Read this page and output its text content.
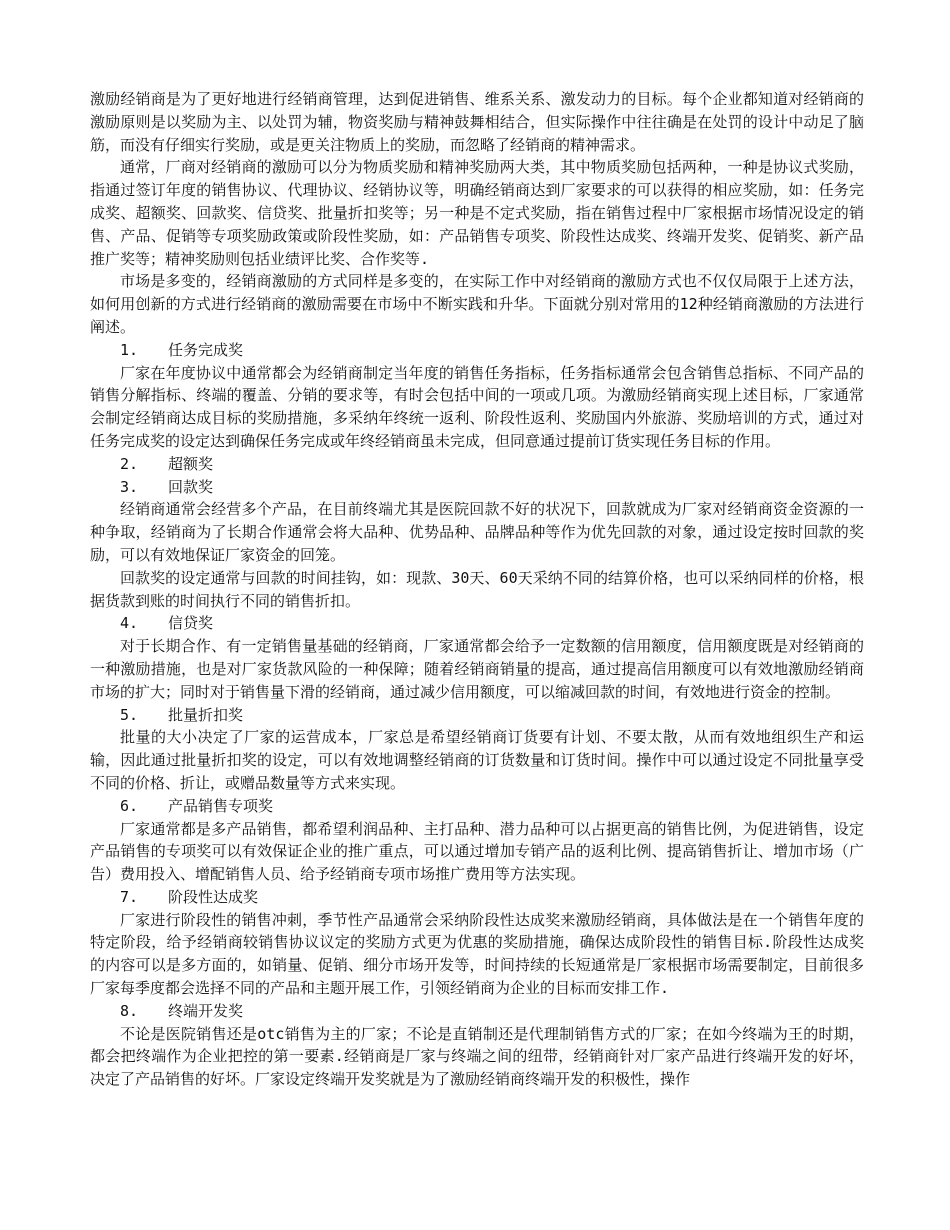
激励经销商是为了更好地进行经销商管理，达到促进销售、维系关系、激发动力的目标。每个企业都知道对经销商的激励原则是以奖励为主、以处罚为辅，物资奖励与精神鼓舞相结合，但实际操作中往往确是在处罚的设计中动足了脑筋，而没有仔细实行奖励，或是更关注物质上的奖励，而忽略了经销商的精神需求。

通常，厂商对经销商的激励可以分为物质奖励和精神奖励两大类，其中物质奖励包括两种，一种是协议式奖励，指通过签订年度的销售协议、代理协议、经销协议等，明确经销商达到厂家要求的可以获得的相应奖励，如：任务完成奖、超额奖、回款奖、信贷奖、批量折扣奖等；另一种是不定式奖励，指在销售过程中厂家根据市场情况设定的销售、产品、促销等专项奖励政策或阶段性奖励，如：产品销售专项奖、阶段性达成奖、终端开发奖、促销奖、新产品推广奖等；精神奖励则包括业绩评比奖、合作奖等.

市场是多变的，经销商激励的方式同样是多变的，在实际工作中对经销商的激励方式也不仅仅局限于上述方法，如何用创新的方式进行经销商的激励需要在市场中不断实践和升华。下面就分别对常用的12种经销商激励的方法进行阐述。

1. 任务完成奖

厂家在年度协议中通常都会为经销商制定当年度的销售任务指标，任务指标通常会包含销售总指标、不同产品的销售分解指标、终端的覆盖、分销的要求等，有时会包括中间的一项或几项。为激励经销商实现上述目标，厂家通常会制定经销商达成目标的奖励措施，多采纳年终统一返利、阶段性返利、奖励国内外旅游、奖励培训的方式，通过对任务完成奖的设定达到确保任务完成或年终经销商虽未完成，但同意通过提前订货实现任务目标的作用。

2. 超额奖
3. 回款奖

经销商通常会经营多个产品，在目前终端尤其是医院回款不好的状况下，回款就成为厂家对经销商资金资源的一种争取，经销商为了长期合作通常会将大品种、优势品种、品牌品种等作为优先回款的对象，通过设定按时回款的奖励，可以有效地保证厂家资金的回笼。

回款奖的设定通常与回款的时间挂钩，如：现款、30天、60天采纳不同的结算价格，也可以采纳同样的价格，根据货款到账的时间执行不同的销售折扣。

4. 信贷奖

对于长期合作、有一定销售量基础的经销商，厂家通常都会给予一定数额的信用额度，信用额度既是对经销商的一种激励措施，也是对厂家货款风险的一种保障；随着经销商销量的提高，通过提高信用额度可以有效地激励经销商市场的扩大；同时对于销售量下滑的经销商，通过减少信用额度，可以缩减回款的时间，有效地进行资金的控制。

5. 批量折扣奖

批量的大小决定了厂家的运营成本，厂家总是希望经销商订货要有计划、不要太散，从而有效地组织生产和运输，因此通过批量折扣奖的设定，可以有效地调整经销商的订货数量和订货时间。操作中可以通过设定不同批量享受不同的价格、折让，或赠品数量等方式来实现。

6. 产品销售专项奖

厂家通常都是多产品销售，都希望利润品种、主打品种、潜力品种可以占据更高的销售比例，为促进销售，设定产品销售的专项奖可以有效保证企业的推广重点，可以通过增加专销产品的返利比例、提高销售折让、增加市场（广告）费用投入、增配销售人员、给予经销商专项市场推广费用等方法实现。

7. 阶段性达成奖

厂家进行阶段性的销售冲刺，季节性产品通常会采纳阶段性达成奖来激励经销商，具体做法是在一个销售年度的特定阶段，给予经销商较销售协议议定的奖励方式更为优惠的奖励措施，确保达成阶段性的销售目标.阶段性达成奖的内容可以是多方面的，如销量、促销、细分市场开发等，时间持续的长短通常是厂家根据市场需要制定，目前很多厂家每季度都会选择不同的产品和主题开展工作，引领经销商为企业的目标而安排工作.

8. 终端开发奖

不论是医院销售还是otc销售为主的厂家；不论是直销制还是代理制销售方式的厂家；在如今终端为王的时期，都会把终端作为企业把控的第一要素.经销商是厂家与终端之间的纽带，经销商针对厂家产品进行终端开发的好坏，决定了产品销售的好坏。厂家设定终端开发奖就是为了激励经销商终端开发的积极性，操作
